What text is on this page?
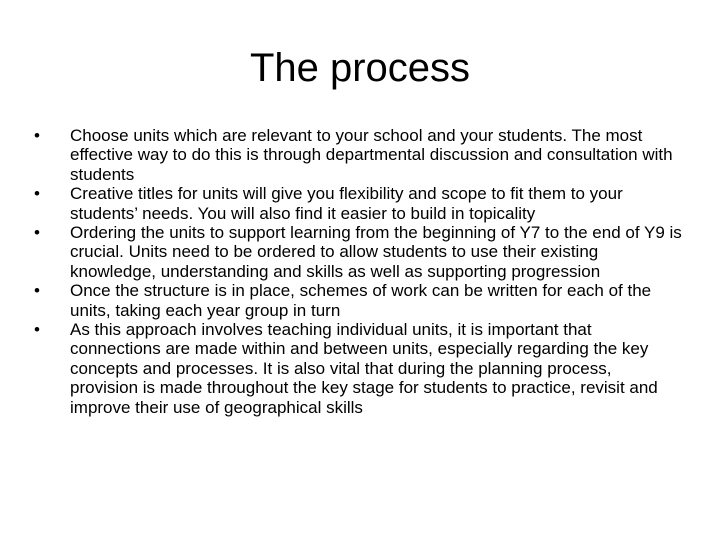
The process
•	Choose units which are relevant to your school and your students. The most effective way to do this is through departmental discussion and consultation with students
•	Creative titles for units will give you flexibility and scope to fit them to your students’ needs. You will also find it easier to build in topicality
•	Ordering the units to support learning from the beginning of Y7 to the end of Y9 is crucial. Units need to be ordered to allow students to use their existing knowledge, understanding and skills as well as supporting progression
•	Once the structure is in place, schemes of work can be written for each of the units, taking each year group in turn
•	As this approach involves teaching individual units, it is important that connections are made within and between units, especially regarding the key concepts and processes. It is also vital that during the planning process, provision is made throughout the key stage for students to practice, revisit and improve their use of geographical skills
